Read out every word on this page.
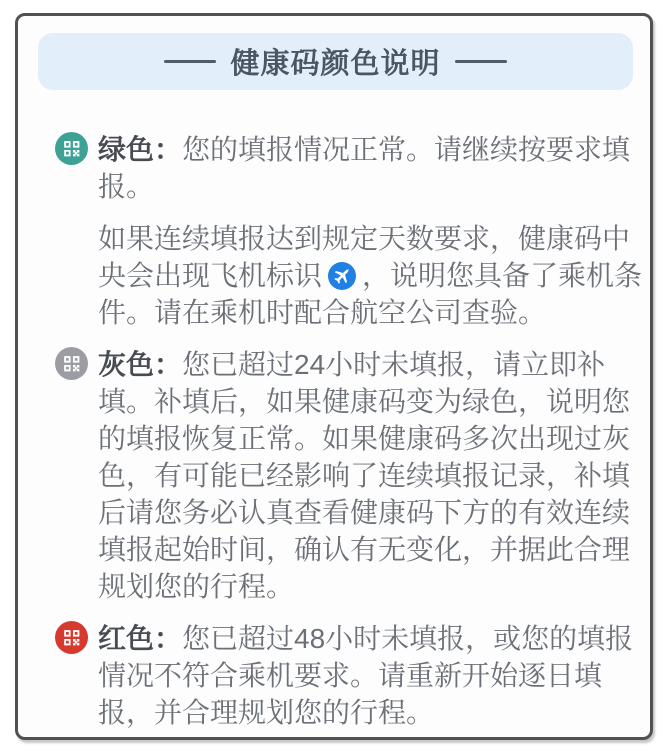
健康码颜色说明

绿色：您的填报情况正常。请继续按要求填报。

如果连续填报达到规定天数要求，健康码中央会出现飞机标识 ，说明您具备了乘机条件。请在乘机时配合航空公司查验。

灰色：您已超过24小时未填报，请立即补填。补填后，如果健康码变为绿色，说明您的填报恢复正常。如果健康码多次出现过灰色，有可能已经影响了连续填报记录，补填后请您务必认真查看健康码下方的有效连续填报起始时间，确认有无变化，并据此合理规划您的行程。

红色：您已超过48小时未填报，或您的填报情况不符合乘机要求。请重新开始逐日填报，并合理规划您的行程。
